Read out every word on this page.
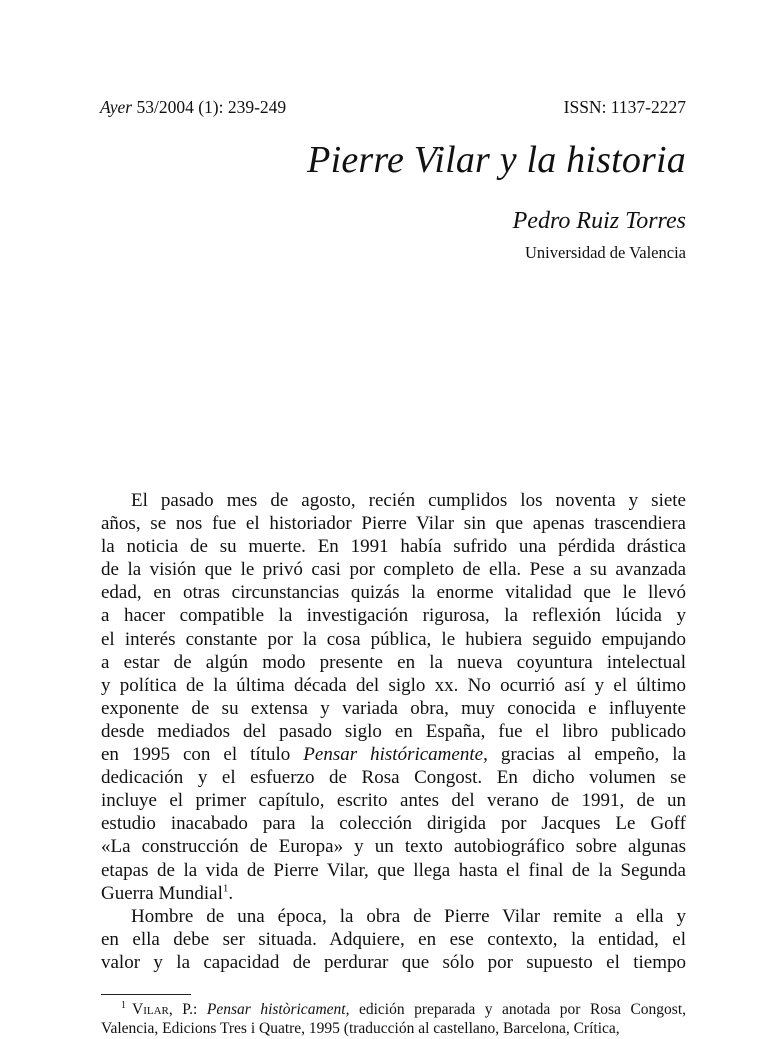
Ayer 53/2004 (1): 239-249	ISSN: 1137-2227
Pierre Vilar y la historia
Pedro Ruiz Torres
Universidad de Valencia
El pasado mes de agosto, recién cumplidos los noventa y siete
años, se nos fue el historiador Pierre Vilar sin que apenas trascendiera
la noticia de su muerte. En 1991 había sufrido una pérdida drástica
de la visión que le privó casi por completo de ella. Pese a su avanzada
edad, en otras circunstancias quizás la enorme vitalidad que le llevó
a hacer compatible la investigación rigurosa, la reflexión lúcida y
el interés constante por la cosa pública, le hubiera seguido empujando
a estar de algún modo presente en la nueva coyuntura intelectual
y política de la última década del siglo xx. No ocurrió así y el último
exponente de su extensa y variada obra, muy conocida e influyente
desde mediados del pasado siglo en España, fue el libro publicado
en 1995 con el título Pensar históricamente, gracias al empeño, la
dedicación y el esfuerzo de Rosa Congost. En dicho volumen se
incluye el primer capítulo, escrito antes del verano de 1991, de un
estudio inacabado para la colección dirigida por Jacques Le Goff
«La construcción de Europa» y un texto autobiográfico sobre algunas
etapas de la vida de Pierre Vilar, que llega hasta el final de la Segunda
Guerra Mundial$^1$.
Hombre de una época, la obra de Pierre Vilar remite a ella y
en ella debe ser situada. Adquiere, en ese contexto, la entidad, el
valor y la capacidad de perdurar que sólo por supuesto el tiempo
$^1$ Vilar, P.: Pensar històricament, edición preparada y anotada por Rosa Congost,
Valencia, Edicions Tres i Quatre, 1995 (traducción al castellano, Barcelona, Crítica,
